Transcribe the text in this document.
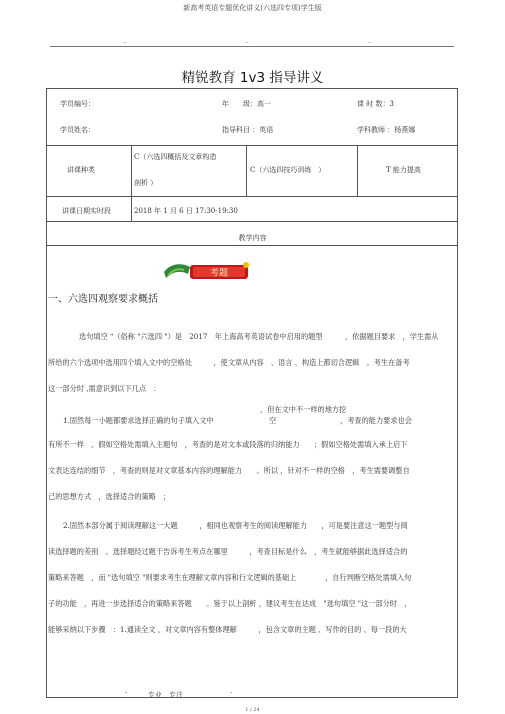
新高考英语专题优化讲义(六选四专项)学生版
..	..	..
精锐教育 1v3 指导讲义
学员编号：	年　　级：高一	课 时 数：3
学员姓名：	指导科目 ：英语	学科教师 ：杨燕娜
讲课种类
C（六选四概括及文章构造
剖析 ）
C（六选四技巧训练　）	T 能力提高
讲课日期实时段	2018 年 1 月 6 日 17:30-19:30
教学内容
考题
一、六选四观察要求概括
选句填空 "（俗称 "六选四 "）是　2017　年上海高考英语试卷中启用的题型	，依据题目要求　，学生需从
所给的六个选项中选用四个填入文中的空格处　　　，使文章从内容　、语言 、构造上都切合逻辑　。考生在备考
这一部分时 ,需意识到以下几点　：
，但在文中不一样的地方挖
1.固然每一小题都要求选择正确的句子填入文中	空	，考查的能力要求也会
有所不一样　。假如空格处需填入主题句　，考查的是对文本或段落的归纳能力　　；假如空格处需填入承上启下
文表达连结的细节　，考查的则是对文章基本内容的理解能力　　。所以 ，针对不一样的空格　，考生需要调整自
己的思想方式　，选择适合的策略　；
2.固然本部分属于阅读理解这一大题　　　，相同也观察考生的阅读理解能力　　，可是要注意这一题型与阅
读选择题的差别　。选择题经过题干告诉考生考点在哪里　　　，考查目标是什么　，考生就能够据此选择适合的
策略来答题　，而 "选句填空 "则要求考生在理解文章内容和行文逻辑的基础上　　　　，自行判断空格处需填入句
子的功能　，再进一步选择适合的策略来答题　　。鉴于以上剖析 ，建议考生在达成　"选句填空 "这一部分时　，
能够采纳以下步骤　：1.通读全文 ，对文章内容有整体理解　　　，包含文章的主题 、写作的目的 、每一段的大
.	专业　专注	.
1 / 24
